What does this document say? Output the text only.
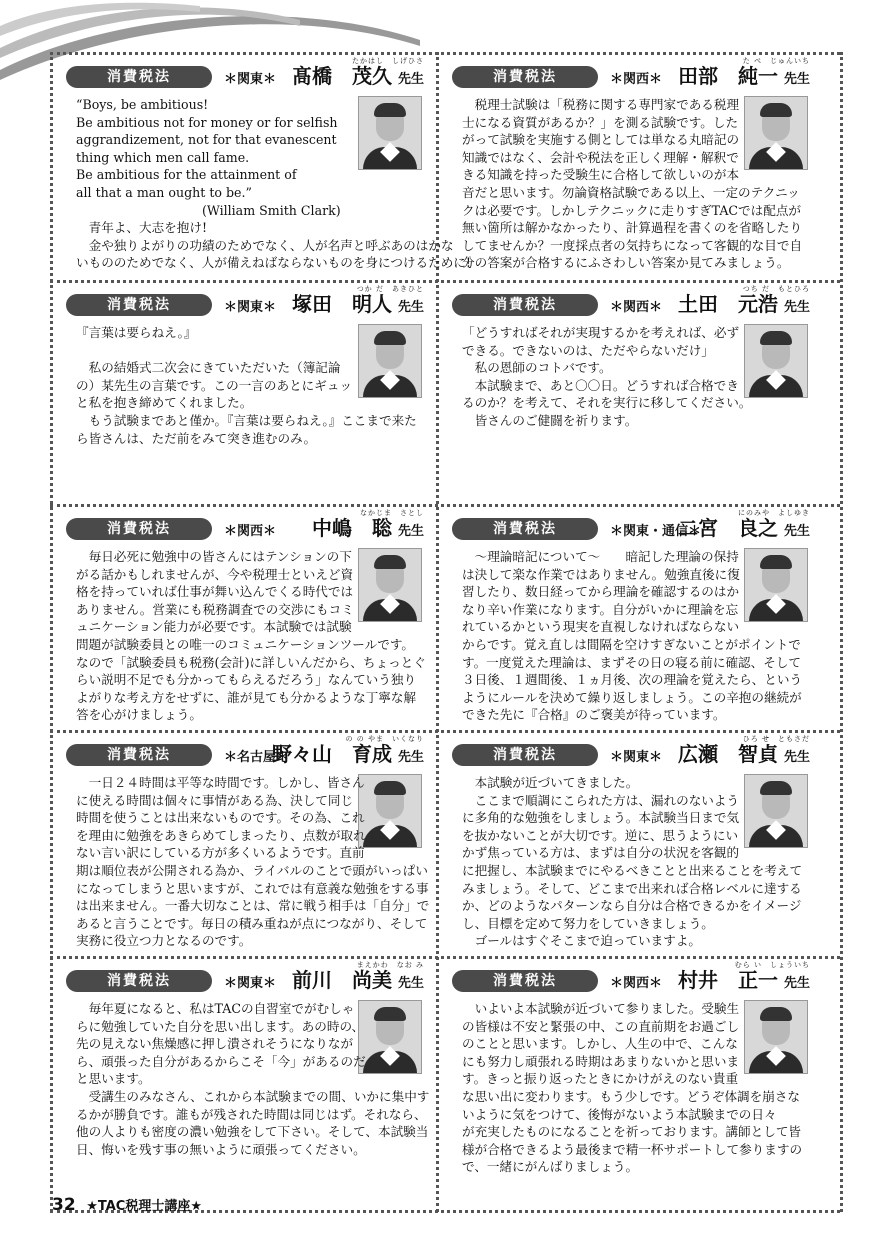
消費税法	＊関東＊
たかはし　しげひさ
髙橋　茂久 先生
“Boys, be ambitious!
Be ambitious not for money or for selfish
aggrandizement, not for that evanescent
thing which men call fame.
Be ambitious for the attainment of
all that a man ought to be.”
　　　　　　　　　　(William Smith Clark)
　青年よ、大志を抱け!
　金や独りよがりの功績のためでなく、人が名声と呼ぶあのはかな
いもののためでなく、人が備えねばならないものを身につけるために!
消費税法	＊関西＊
た べ　じゅんいち
田部　純一 先生
　税理士試験は「税務に関する専門家である税理
士になる資質があるか？」を測る試験です。した
がって試験を実施する側としては単なる丸暗記の
知識ではなく、会計や税法を正しく理解・解釈で
きる知識を持った受験生に合格して欲しいのが本
音だと思います。勿論資格試験である以上、一定のテクニッ
クは必要です。しかしテクニックに走りすぎTACでは配点が
無い箇所は解かなかったり、計算過程を書くのを省略したり
してませんか？一度採点者の気持ちになって客観的な目で自
分の答案が合格するにふさわしい答案か見てみましょう。
消費税法	＊関東＊
つか だ　あきひと
塚田　明人 先生
『言葉は要らねえ。』

　私の結婚式二次会にきていただいた（簿記論
の）某先生の言葉です。この一言のあとにギュッ
と私を抱き締めてくれました。
　もう試験まであと僅か。『言葉は要らねえ。』ここまで来た
ら皆さんは、ただ前をみて突き進むのみ。
消費税法	＊関西＊
つち だ　もとひろ
土田　元浩 先生
「どうすればそれが実現するかを考えれば、必ず
できる。できないのは、ただやらないだけ」
　私の恩師のコトバです。
　本試験まで、あと〇〇日。どうすれば合格でき
るのか？を考えて、それを実行に移してください。
　皆さんのご健闘を祈ります。
消費税法	＊関西＊
なかじま　さとし
中嶋　聡 先生
　毎日必死に勉強中の皆さんにはテンションの下
がる話かもしれませんが、今や税理士といえど資
格を持っていれば仕事が舞い込んでくる時代では
ありません。営業にも税務調査での交渉にもコミ
ュニケーション能力が必要です。本試験では試験
問題が試験委員との唯一のコミュニケーションツールです。
なので「試験委員も税務(会計)に詳しいんだから、ちょっとぐ
らい説明不足でも分かってもらえるだろう」なんていう独り
よがりな考え方をせずに、誰が見ても分かるような丁寧な解
答を心がけましょう。
消費税法	＊関東・通信＊
にのみや　よしゆき
二宮　良之 先生
　～理論暗記について～　　暗記した理論の保持
は決して楽な作業ではありません。勉強直後に復
習したり、数日経ってから理論を確認するのはか
なり辛い作業になります。自分がいかに理論を忘
れているかという現実を直視しなければならない
からです。覚え直しは間隔を空けすぎないことがポイントで
す。一度覚えた理論は、まずその日の寝る前に確認、そして
３日後、１週間後、１ヵ月後、次の理論を覚えたら、という
ようにルールを決めて繰り返しましょう。この辛抱の継続が
できた先に『合格』のご褒美が待っています。
消費税法	＊名古屋＊
の の やま　いくなり
野々山　育成 先生
　一日２４時間は平等な時間です。しかし、皆さん
に使える時間は個々に事情がある為、決して同じ
時間を使うことは出来ないものです。その為、これ
を理由に勉強をあきらめてしまったり、点数が取れ
ない言い訳にしている方が多くいるようです。直前
期は順位表が公開される為か、ライバルのことで頭がいっぱい
になってしまうと思いますが、これでは有意義な勉強をする事
は出来ません。一番大切なことは、常に戦う相手は「自分」で
あると言うことです。毎日の積み重ねが点につながり、そして
実務に役立つ力となるのです。
消費税法	＊関東＊
ひろ せ　ともさだ
広瀬　智貞 先生
　本試験が近づいてきました。
　ここまで順調にこられた方は、漏れのないよう
に多角的な勉強をしましょう。本試験当日まで気
を抜かないことが大切です。逆に、思うようにい
かず焦っている方は、まずは自分の状況を客観的
に把握し、本試験までにやるべきことと出来ることを考えて
みましょう。そして、どこまで出来れば合格レベルに達する
か、どのようなパターンなら自分は合格できるかをイメージ
し、目標を定めて努力をしていきましょう。
　ゴールはすぐそこまで迫っていますよ。
消費税法	＊関東＊
まえかわ　なお み
前川　尚美 先生
　毎年夏になると、私はTACの自習室でがむしゃ
らに勉強していた自分を思い出します。あの時の、
先の見えない焦燥感に押し潰されそうになりなが
ら、頑張った自分があるからこそ「今」があるのだ
と思います。
　受講生のみなさん、これから本試験までの間、いかに集中す
るかが勝負です。誰もが残された時間は同じはず。それなら、
他の人よりも密度の濃い勉強をして下さい。そして、本試験当
日、悔いを残す事の無いように頑張ってください。
消費税法	＊関西＊
むら い　しょういち
村井　正一 先生
　いよいよ本試験が近づいて参りました。受験生
の皆様は不安と緊張の中、この直前期をお過ごし
のことと思います。しかし、人生の中で、こんな
にも努力し頑張れる時期はあまりないかと思いま
す。きっと振り返ったときにかけがえのない貴重
な思い出に変わります。もう少しです。どうぞ体調を崩さな
いように気をつけて、後悔がないよう本試験までの日々
が充実したものになることを祈っております。講師として皆
様が合格できるよう最後まで精一杯サポートして参りますの
で、一緒にがんばりましょう。
32 ★TAC税理士講座★
